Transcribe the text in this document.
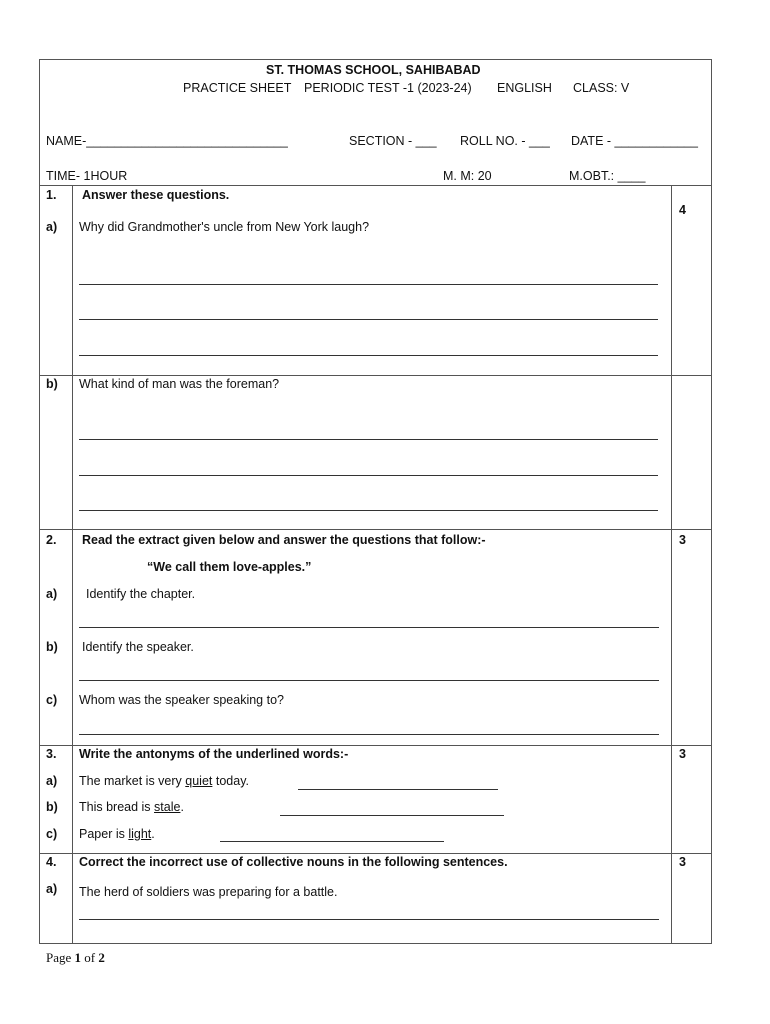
ST. THOMAS SCHOOL, SAHIBABAD
PRACTICE SHEET PERIODIC TEST -1 (2023-24) ENGLISH CLASS: V
NAME-_____________________________	SECTION - ___ ROLL NO. - ___ DATE - ____________
TIME- 1HOUR	M. M: 20	M.OBT.: ____
1. Answer these questions.
4
a) Why did Grandmother's uncle from New York laugh?
b) What kind of man was the foreman?
2. Read the extract given below and answer the questions that follow:-	3
“We call them love-apples.”
a) Identify the chapter.
b) Identify the speaker.
c) Whom was the speaker speaking to?
3. Write the antonyms of the underlined words:-	3
a) The market is very quiet today.
b) This bread is stale.
c) Paper is light.
4. Correct the incorrect use of collective nouns in the following sentences.	3
a) The herd of soldiers was preparing for a battle.
Page 1 of 2
